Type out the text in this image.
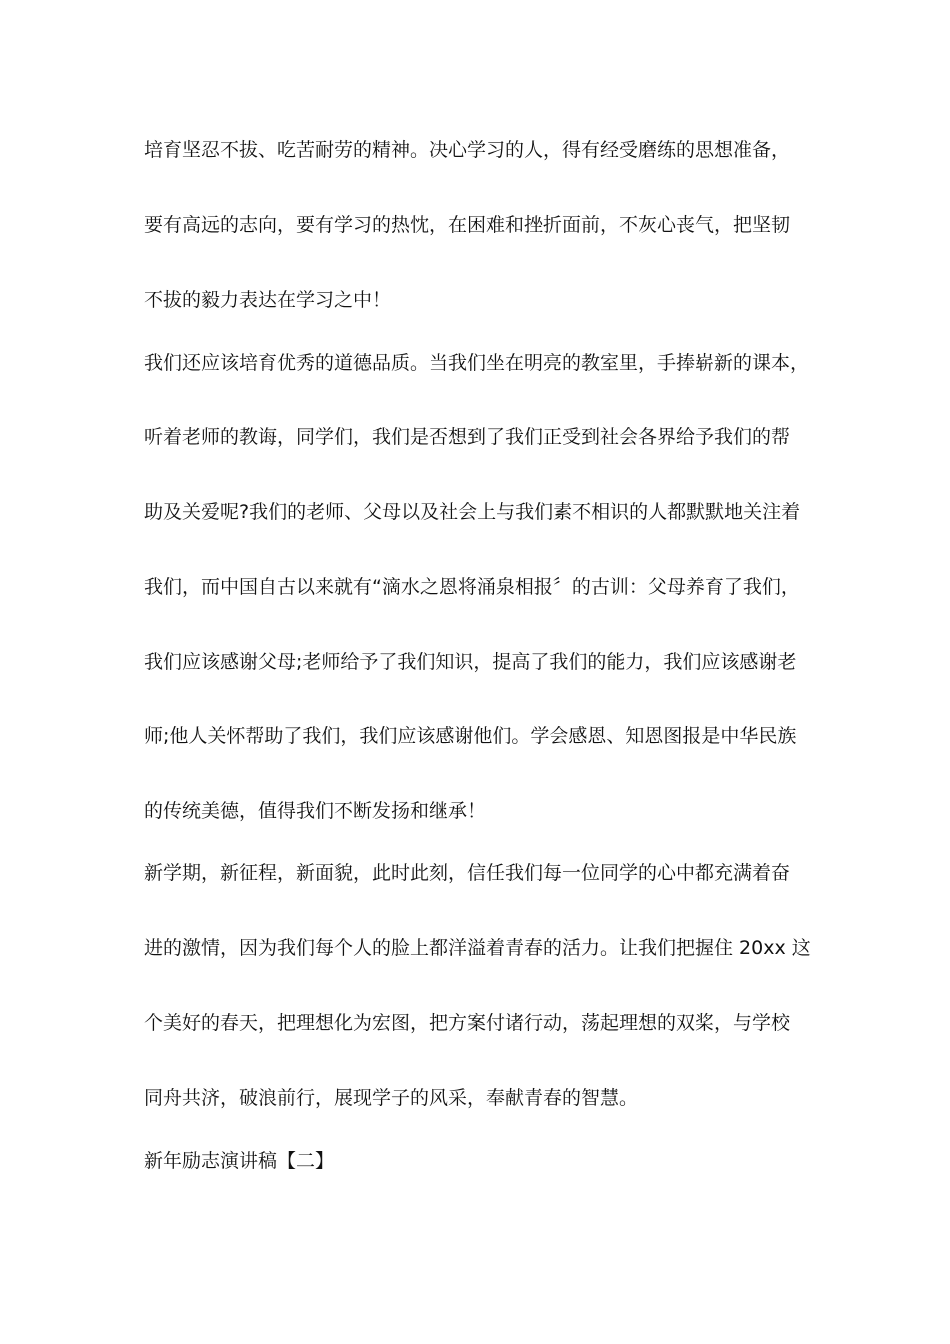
培育坚忍不拔、吃苦耐劳的精神。决心学习的人，得有经受磨练的思想准备，
要有高远的志向，要有学习的热忱，在困难和挫折面前，不灰心丧气，把坚韧
不拔的毅力表达在学习之中！
我们还应该培育优秀的道德品质。当我们坐在明亮的教室里，手捧崭新的课本，
听着老师的教诲，同学们，我们是否想到了我们正受到社会各界给予我们的帮
助及关爱呢?我们的老师、父母以及社会上与我们素不相识的人都默默地关注着
我们，而中国自古以来就有“滴水之恩将涌泉相报〞的古训：父母养育了我们，
我们应该感谢父母;老师给予了我们知识，提高了我们的能力，我们应该感谢老
师;他人关怀帮助了我们，我们应该感谢他们。学会感恩、知恩图报是中华民族
的传统美德，值得我们不断发扬和继承！
新学期，新征程，新面貌，此时此刻，信任我们每一位同学的心中都充满着奋
进的激情，因为我们每个人的脸上都洋溢着青春的活力。让我们把握住 20xx 这
个美好的春天，把理想化为宏图，把方案付诸行动，荡起理想的双桨，与学校
同舟共济，破浪前行，展现学子的风采，奉献青春的智慧。
新年励志演讲稿【二】
